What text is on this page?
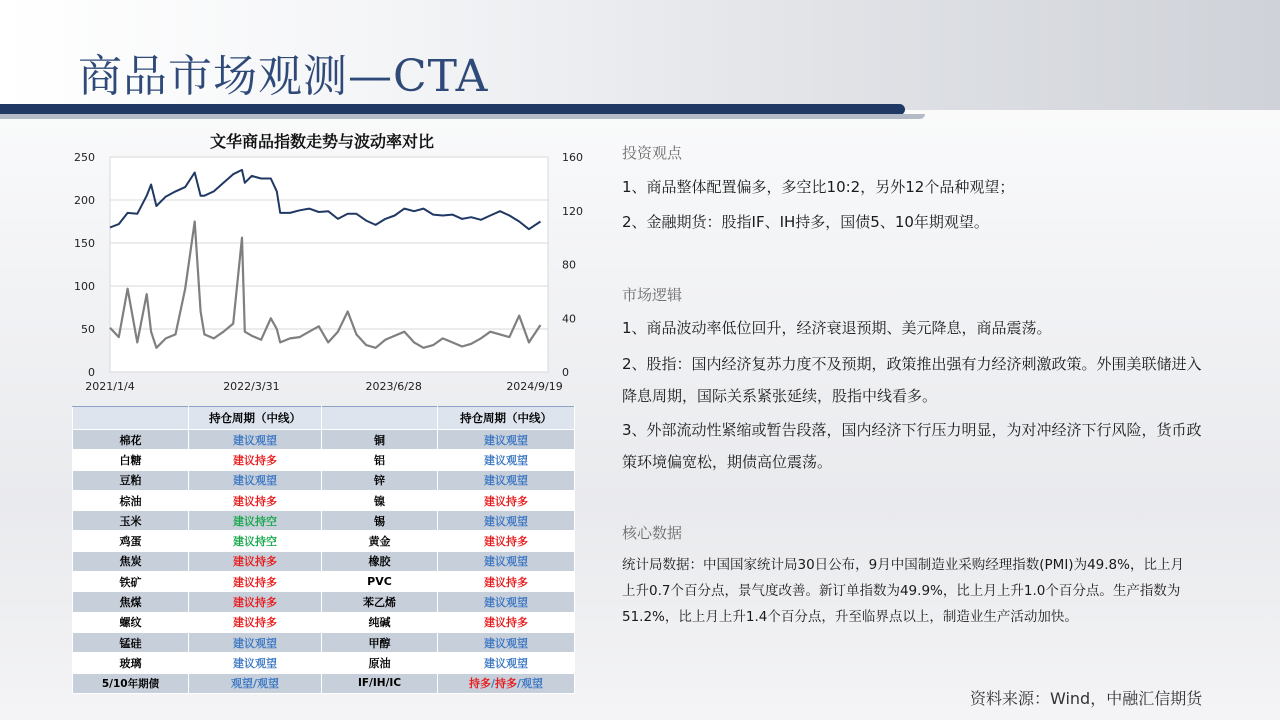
商品市场观测—CTA
文华商品指数走势与波动率对比
0
50
100
150
200
250
0
40
80
120
160
2021/1/4	2022/3/31	2023/6/28	2024/9/19
	持仓周期（中线）		持仓周期（中线）
棉花	建议观望	铜	建议观望
白糖	建议持多	铝	建议观望
豆粕	建议观望	锌	建议观望
棕油	建议持多	镍	建议持多
玉米	建议持空	锡	建议观望
鸡蛋	建议持空	黄金	建议持多
焦炭	建议持多	橡胶	建议观望
铁矿	建议持多	PVC	建议持多
焦煤	建议持多	苯乙烯	建议观望
螺纹	建议持多	纯碱	建议持多
锰硅	建议观望	甲醇	建议观望
玻璃	建议观望	原油	建议观望
5/10年期债	观望/观望	IF/IH/IC	持多/持多/观望
投资观点

1、商品整体配置偏多，多空比10:2，另外12个品种观望；

2、金融期货：股指IF、IH持多，国债5、10年期观望。

市场逻辑

1、商品波动率低位回升，经济衰退预期、美元降息，商品震荡。

2、股指：国内经济复苏力度不及预期，政策推出强有力经济刺激政策。外围美联储进入降息周期，国际关系紧张延续，股指中线看多。

3、外部流动性紧缩或暂告段落，国内经济下行压力明显，为对冲经济下行风险，货币政策环境偏宽松，期债高位震荡。

核心数据

统计局数据：中国国家统计局30日公布，9月中国制造业采购经理指数(PMI)为49.8%，比上月上升0.7个百分点，景气度改善。新订单指数为49.9%，比上月上升1.0个百分点。生产指数为51.2%，比上月上升1.4个百分点，升至临界点以上，制造业生产活动加快。

资料来源：Wind，中融汇信期货
